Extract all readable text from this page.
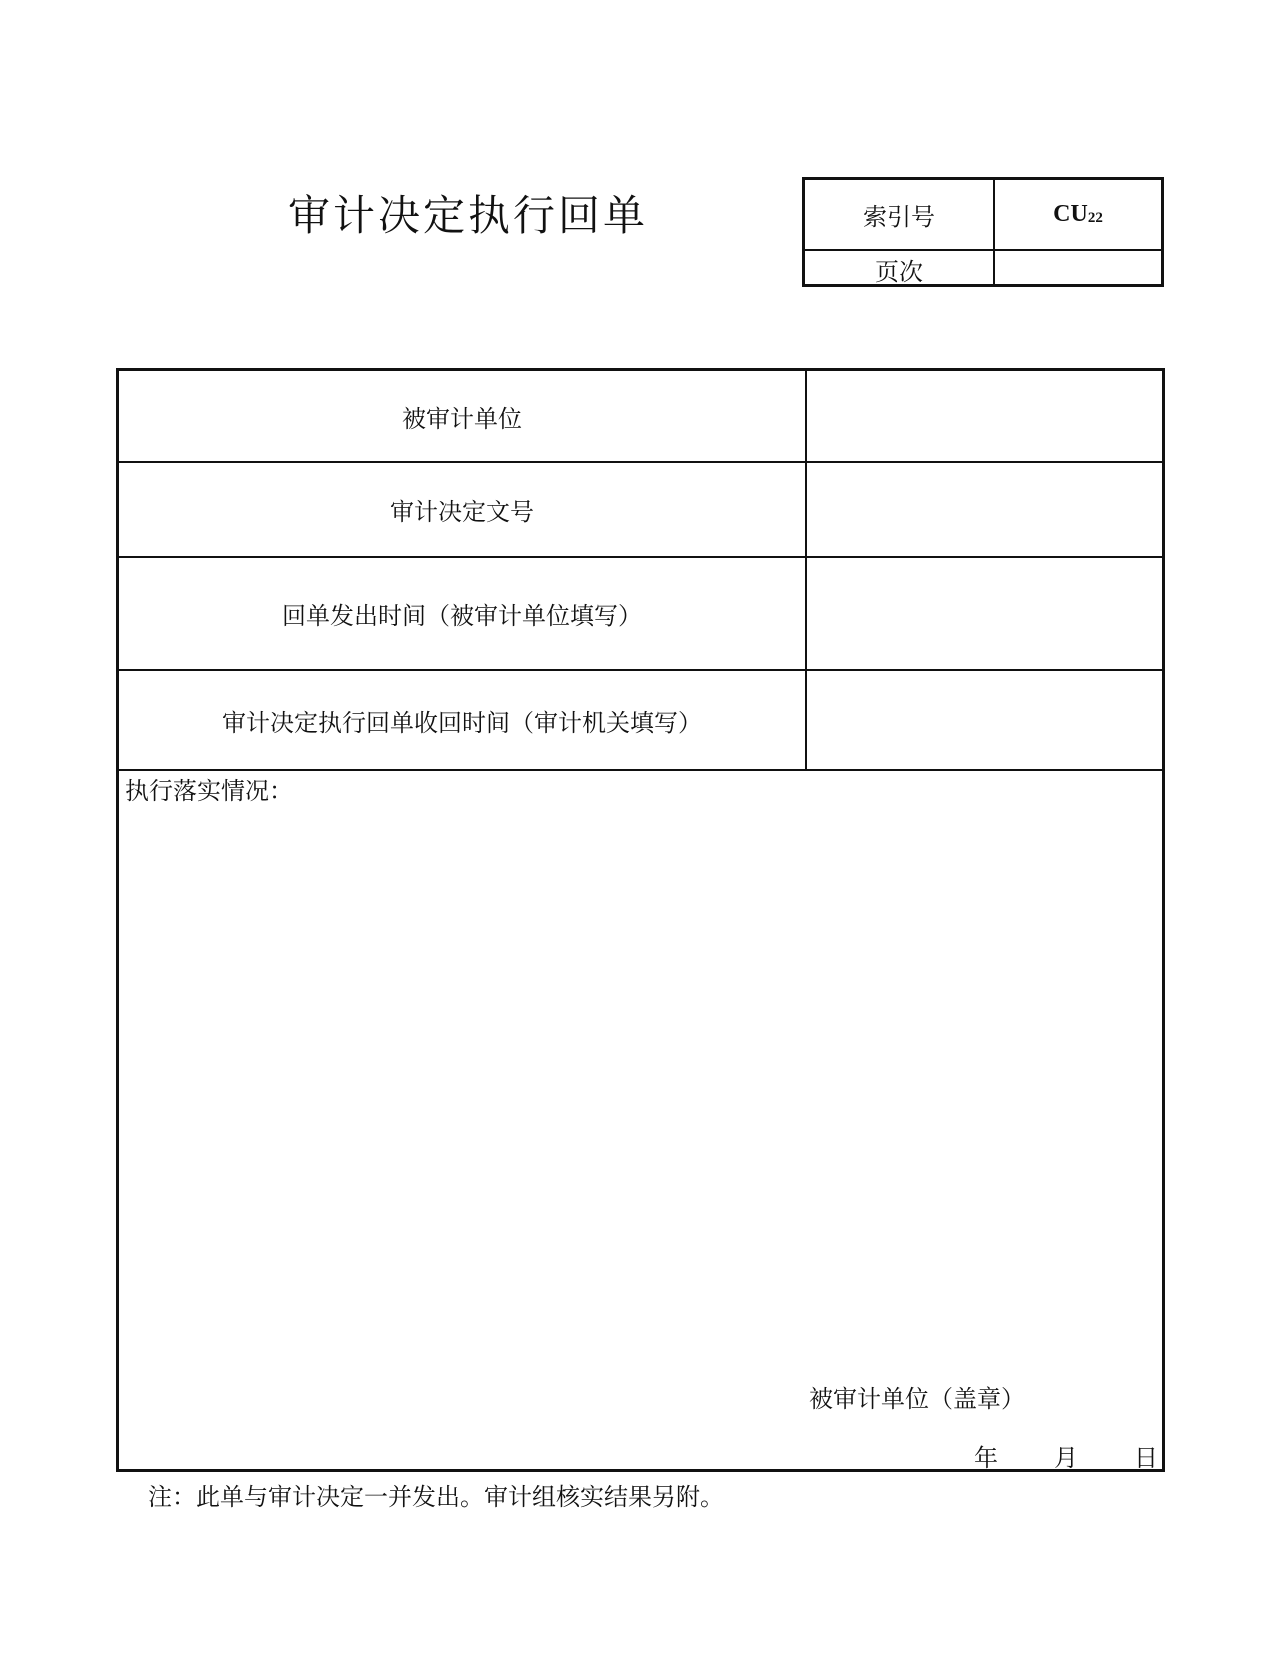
审计决定执行回单	索引号	CU 22
页次
被审计单位
审计决定文号
回单发出时间（被审计单位填写）
审计决定执行回单收回时间（审计机关填写）
执行落实情况：
被审计单位（盖章）
年 月 日
注：此单与审计决定一并发出。审计组核实结果另附。
